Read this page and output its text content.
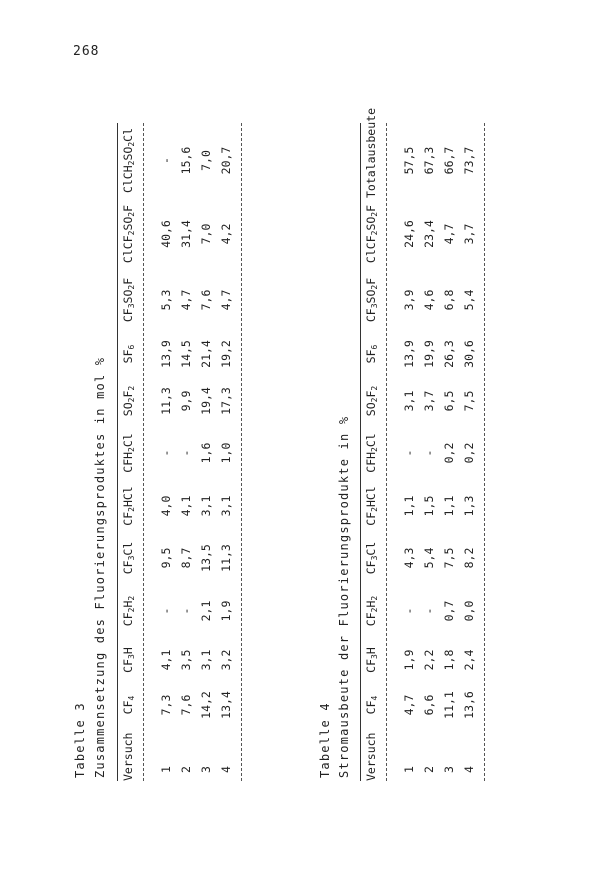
268
Tabelle 3 Zusammensetzung des Fluorierungsproduktes in mol % Versuch
$CF_4$
$CF_3H$
$CF_2H_2$
$CF_3Cl$
$CF_2HCl$
$CFH_2Cl$
$SO_2F_2$
$SF_6$
$CF_3SO_2F$
$ClCF_2SO_2F$
$ClCH_2SO_2Cl$
1
7,3
4,1
-
9,5
4,0
-
11,3
13,9
5,3
40,6
-
2
7,6
3,5
-
8,7
4,1
-
9,9
14,5
4,7
31,4
15,6
3
14,2
3,1
2,1
13,5
3,1
1,6
19,4
21,4
7,6
7,0
7,0
4
13,4
3,2
1,9
11,3
3,1
1,0
17,3
19,2
4,7
4,2
20,7
Tabelle 4 Stromausbeute der Fluorierungsprodukte in % Versuch
$CF_4$
$CF_3H$
$CF_2H_2$
$CF_3Cl$
$CF_2HCl$
$CFH_2Cl$
$SO_2F_2$
$SF_6$
$CF_3SO_2F$
$ClCF_2SO_2F$
Totalausbeute
1
4,7
1,9
-
4,3
1,1
-
3,1
13,9
3,9
24,6
57,5
2
6,6
2,2
-
5,4
1,5
-
3,7
19,9
4,6
23,4
67,3
3
11,1
1,8
0,7
7,5
1,1
0,2
6,5
26,3
6,8
4,7
66,7
4
13,6
2,4
0,0
8,2
1,3
0,2
7,5
30,6
5,4
3,7
73,7
